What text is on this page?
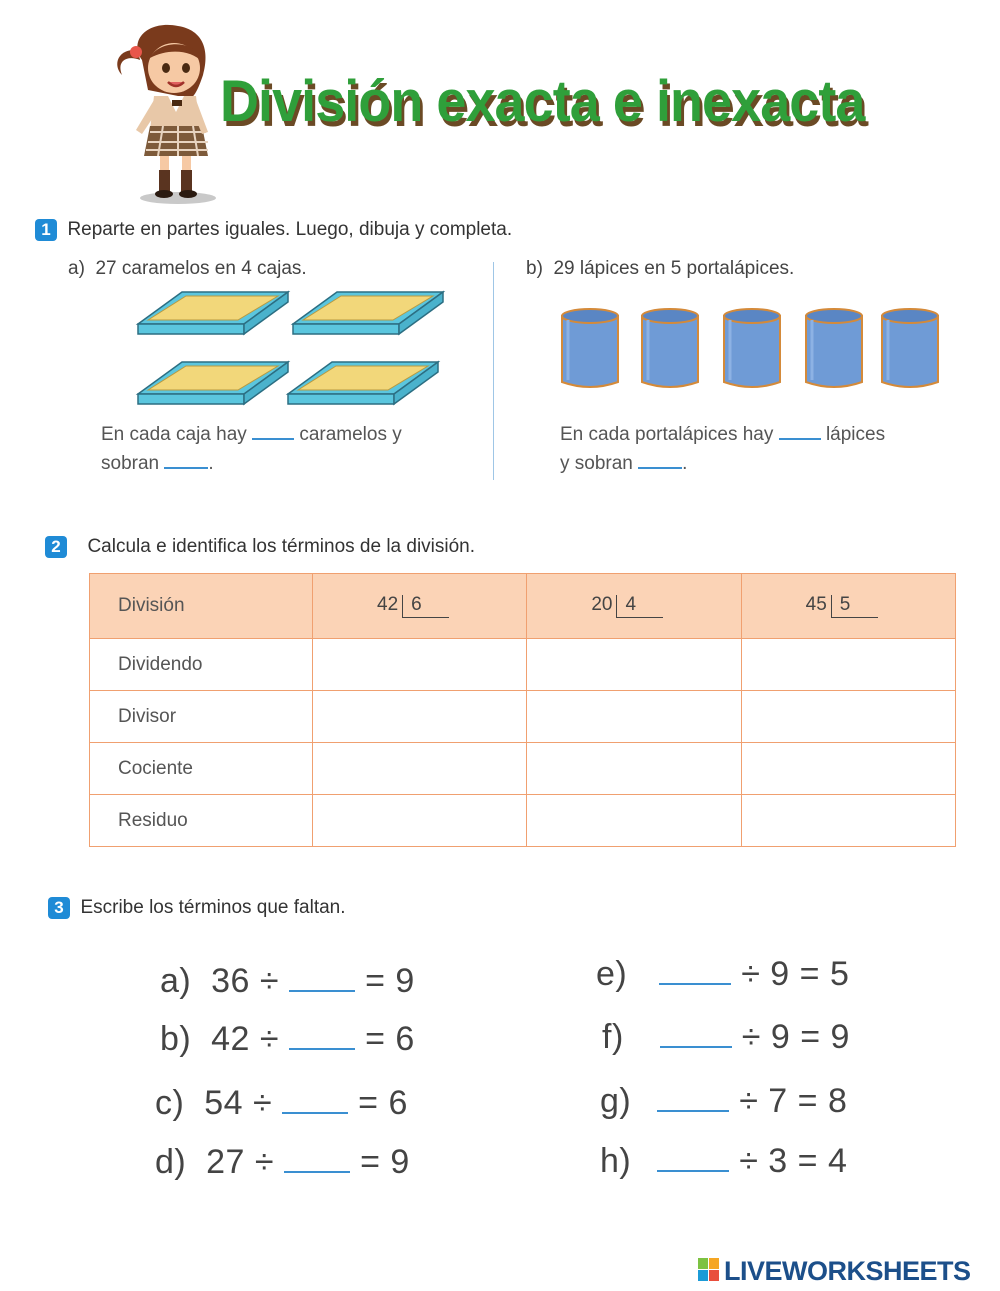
División exacta e inexacta
1 Reparte en partes iguales. Luego, dibuja y completa.
a) 27 caramelos en 4 cajas.	b) 29 lápices en 5 portalápices.
En cada caja hay	caramelos y
sobran	.
En cada portalápices hay	lápices
y sobran	.
2 Calcula e identifica los términos de la división.
División	42 6	20 4	45 5
Dividendo			
Divisor			
Cociente			
Residuo			
3 Escribe los términos que faltan.
a) 36 ÷	= 9
b) 42 ÷	= 6
c) 54 ÷	= 6
d) 27 ÷	= 9
e)	÷ 9 = 5
f)	÷ 9 = 9
g)	÷ 7 = 8
h)	÷ 3 = 4
LIVEWORKSHEETS
